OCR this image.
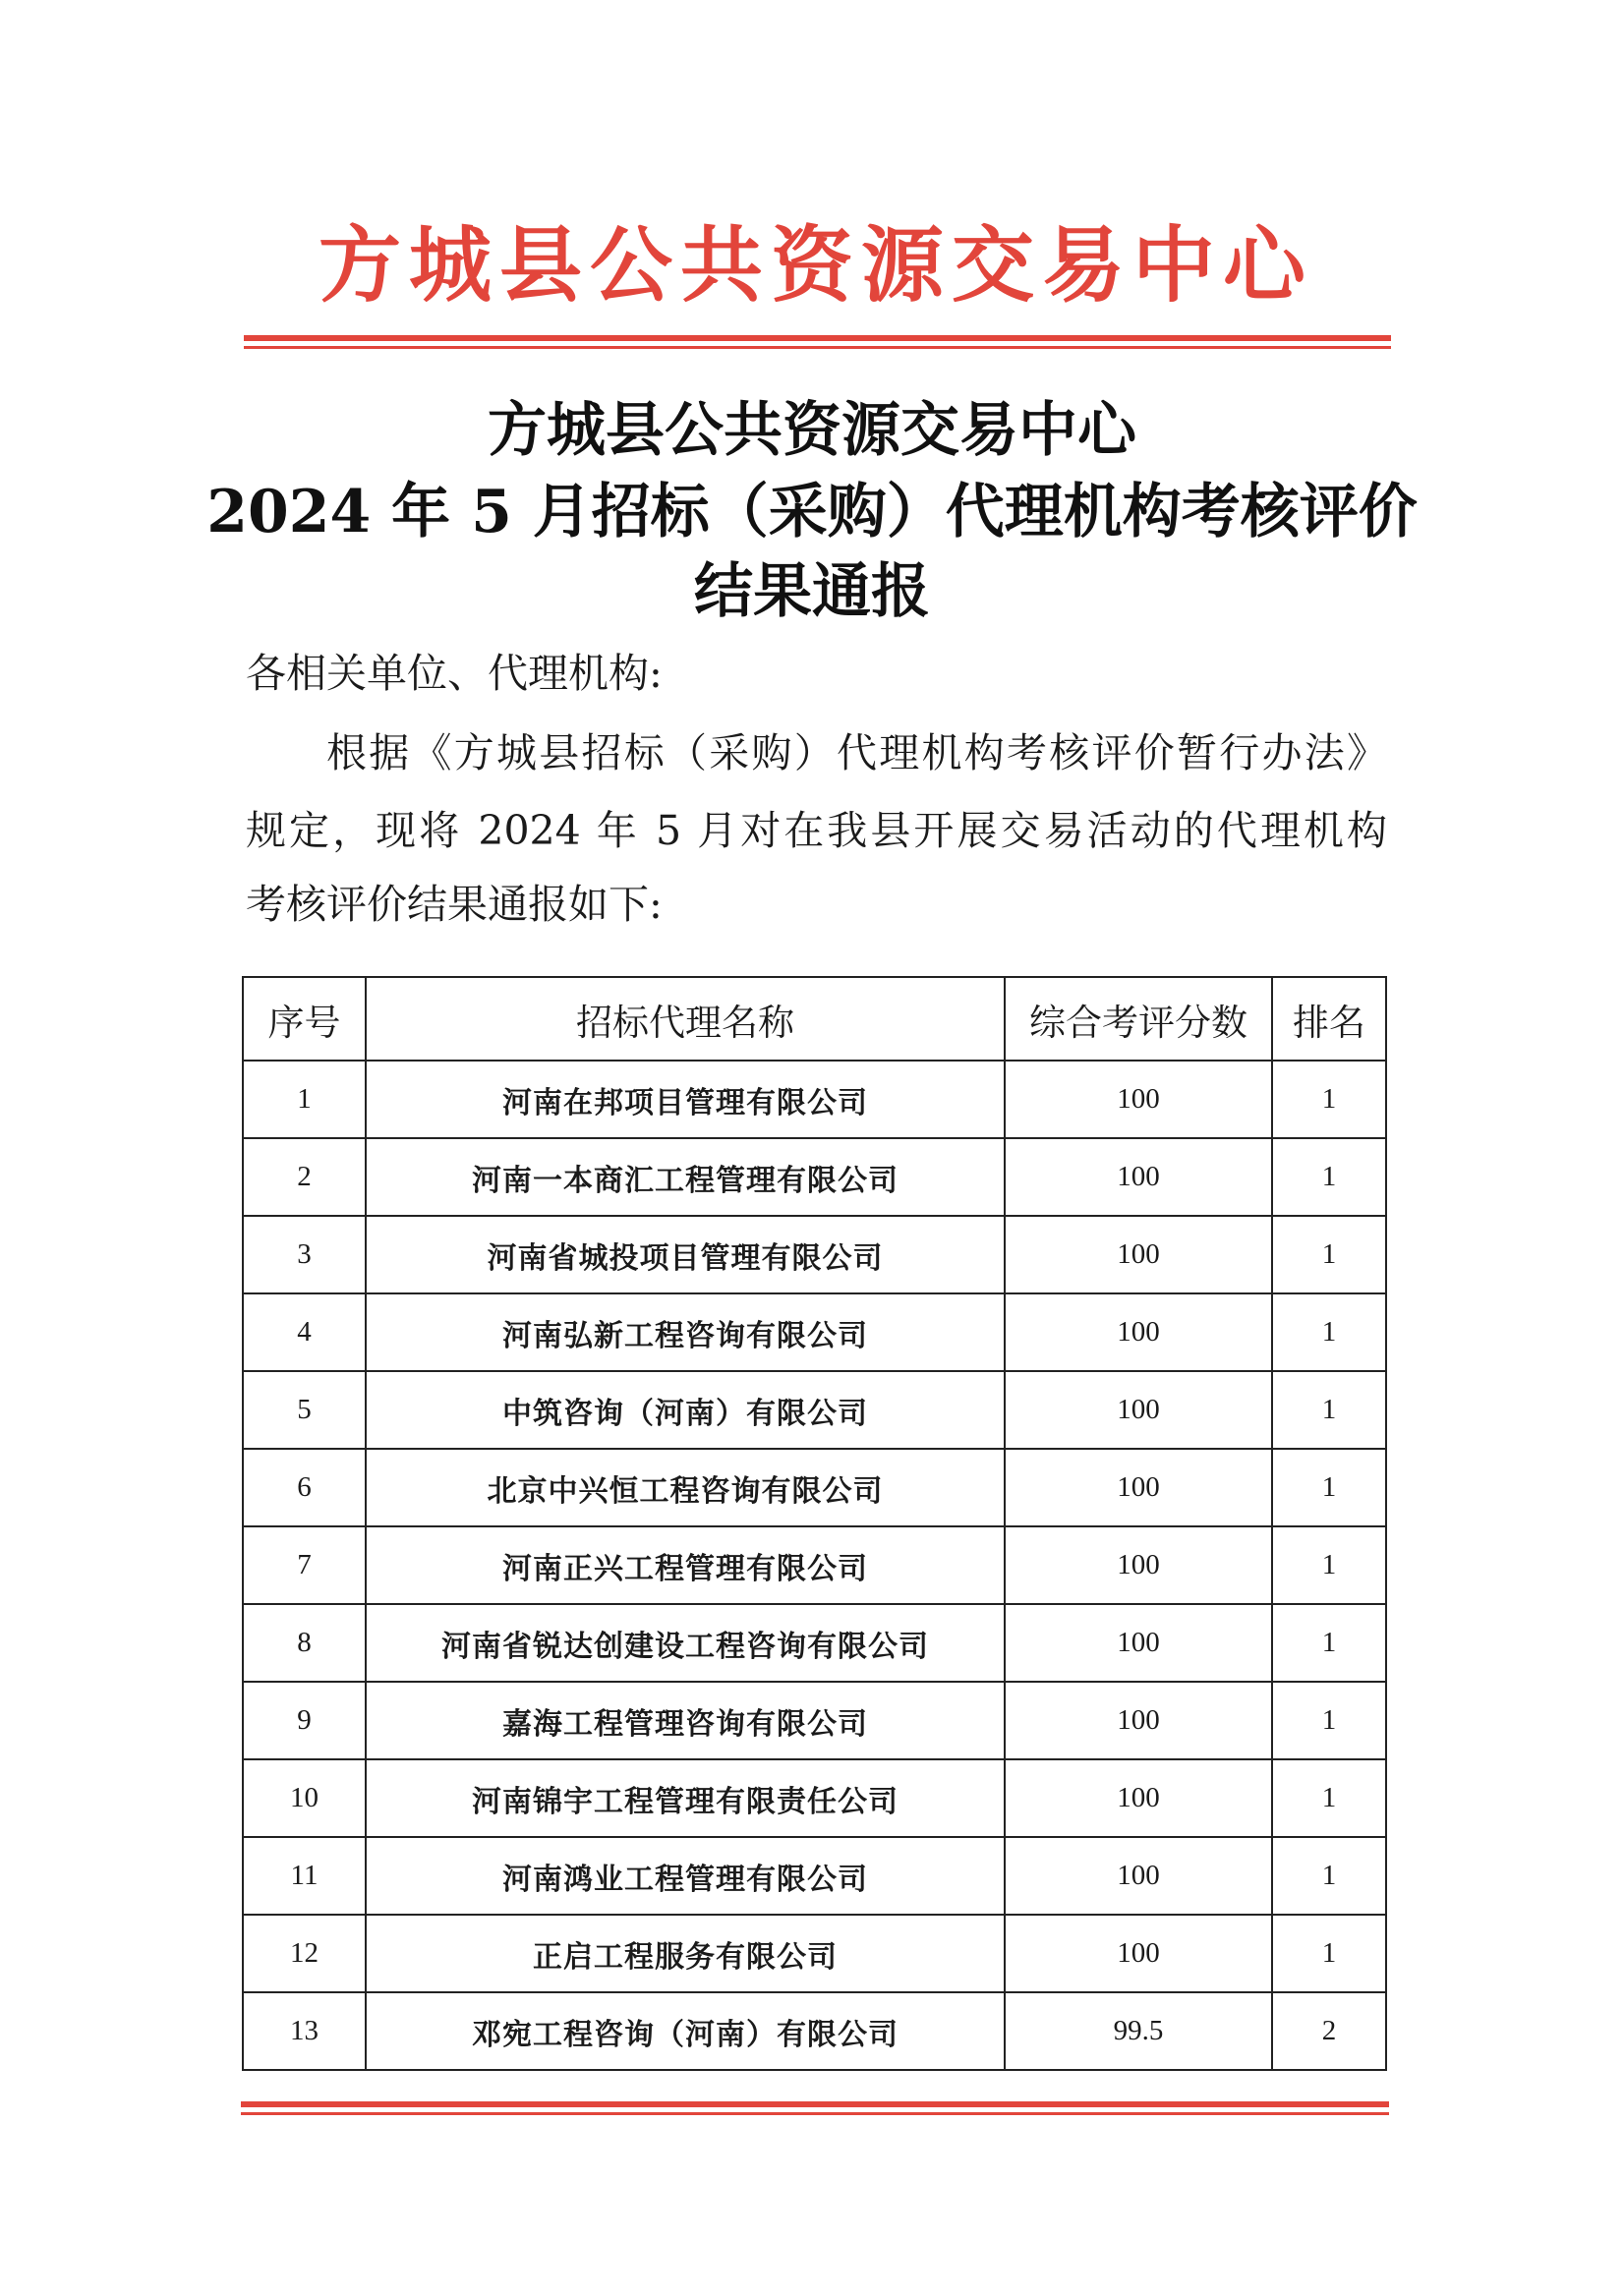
方城县公共资源交易中心
方城县公共资源交易中心
2024 年 5 月招标（采购）代理机构考核评价
结果通报
各相关单位、代理机构:
根据《方城县招标（采购）代理机构考核评价暂行办法》
规定，现将 2024 年 5 月对在我县开展交易活动的代理机构
考核评价结果通报如下:
序号	招标代理名称	综合考评分数	排名
1	河南在邦项目管理有限公司	100	1
2	河南一本商汇工程管理有限公司	100	1
3	河南省城投项目管理有限公司	100	1
4	河南弘新工程咨询有限公司	100	1
5	中筑咨询（河南）有限公司	100	1
6	北京中兴恒工程咨询有限公司	100	1
7	河南正兴工程管理有限公司	100	1
8	河南省锐达创建设工程咨询有限公司	100	1
9	嘉海工程管理咨询有限公司	100	1
10	河南锦宇工程管理有限责任公司	100	1
11	河南鸿业工程管理有限公司	100	1
12	正启工程服务有限公司	100	1
13	邓宛工程咨询（河南）有限公司	99.5	2
